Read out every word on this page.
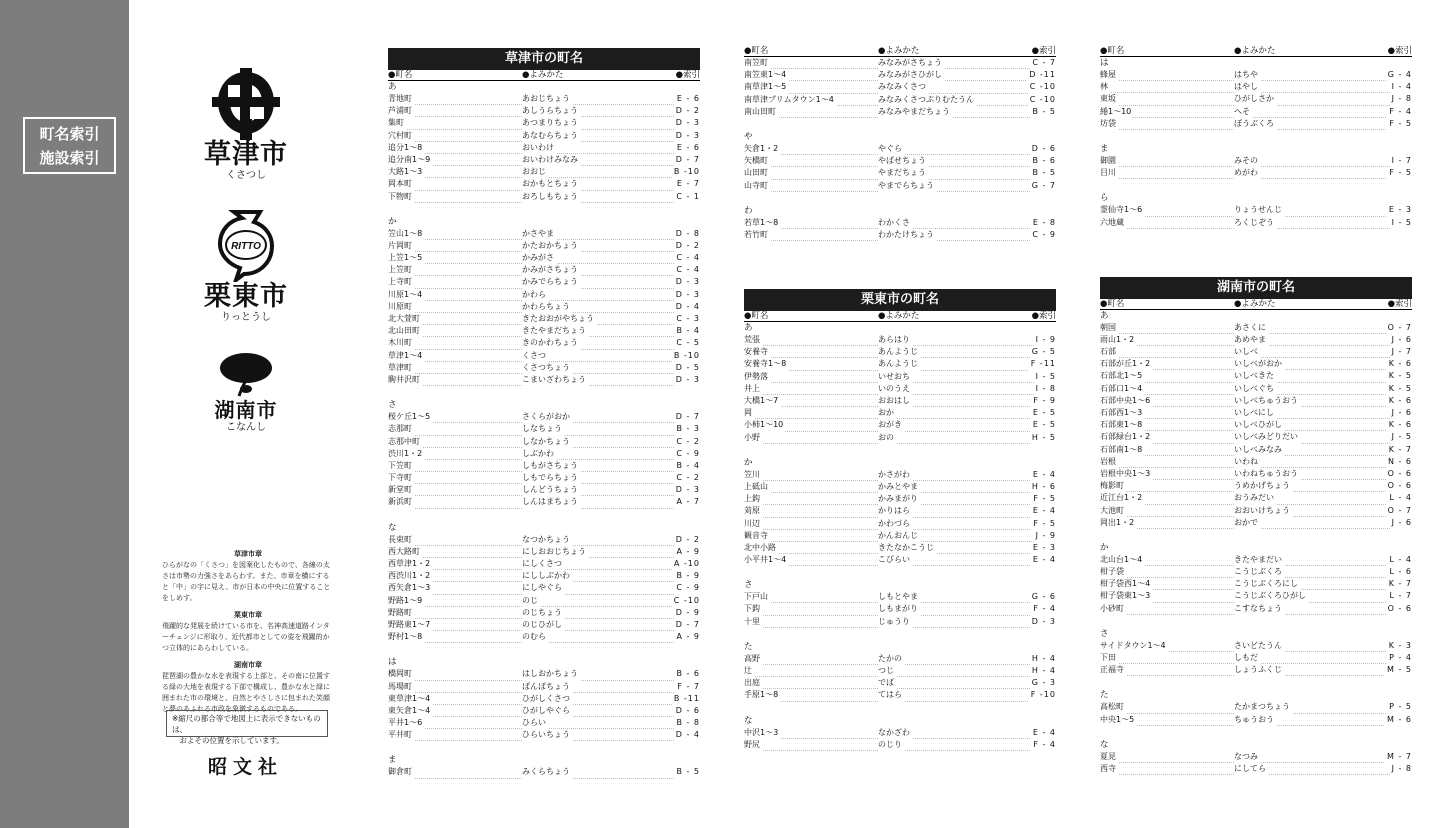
町名索引
施設索引	草津市
くさつし
RITTO
栗東市
りっとうし
湖南市
こなんし
草津市章
ひらがなの「くさつ」を図案化したもので、各線の太さは市勢の力強さをあらわす。また、市章を横にすると「中」の字に見え、市が日本の中央に位置することをしめす。
栗東市章
飛躍的な発展を続けている市を、名神高速道路インターチェンジに形取り、近代都市としての姿を飛躍的かつ立体的にあらわしている。
湖南市章
琵琶湖の豊かな水を表現する上部と、その南に位置する緑の大地を表現する下部で構成し、豊かな水と緑に囲まれた市の環境と、自然とやさしさに包まれた笑顔と夢のあふれる市政を象徴するものである。
※縮尺の都合等で地図上に表示できないものは、
　およその位置を示しています。
昭文社
草津市の町名
●町名	●よみかた	●索引
あ
青地町	あおじちょう	E - 6
芦浦町	あしうらちょう	D - 2
集町	あつまりちょう	D - 3
穴村町	あなむらちょう	D - 3
追分1〜8	おいわけ	E - 6
追分南1〜9	おいわけみなみ	D - 7
大路1〜3	おおじ	B -10
岡本町	おかもとちょう	E - 7
下物町	おろしもちょう	C - 1
か
笠山1〜8	かさやま	D - 8
片岡町	かたおかちょう	D - 2
上笠1〜5	かみがさ	C - 4
上笠町	かみがさちょう	C - 4
上寺町	かみでらちょう	D - 3
川原1〜4	かわら	D - 3
川原町	かわらちょう	D - 4
北大萱町	きたおおがやちょう	C - 3
北山田町	きたやまだちょう	B - 4
木川町	きのかわちょう	C - 5
草津1〜4	くさつ	B -10
草津町	くさつちょう	D - 5
駒井沢町	こまいざわちょう	D - 3
さ
桜ケ丘1〜5	さくらがおか	D - 7
志那町	しなちょう	B - 3
志那中町	しなかちょう	C - 2
渋川1・2	しぶかわ	C - 9
下笠町	しもがさちょう	B - 4
下寺町	しもでらちょう	C - 2
新堂町	しんどうちょう	D - 3
新浜町	しんはまちょう	A - 7
な
長束町	なつかちょう	D - 2
西大路町	にしおおじちょう	A - 9
西草津1・2	にしくさつ	A -10
西渋川1・2	にししぶかわ	B - 9
西矢倉1〜3	にしやぐら	C - 9
野路1〜9	のじ	C -10
野路町	のじちょう	D - 9
野路東1〜7	のじひがし	D - 7
野村1〜8	のむら	A - 9
は
橋岡町	はしおかちょう	B - 6
馬場町	ばんばちょう	F - 7
東草津1〜4	ひがしくさつ	B -11
東矢倉1〜4	ひがしやぐら	D - 6
平井1〜6	ひらい	B - 8
平井町	ひらいちょう	D - 4
ま
御倉町	みくらちょう	B - 5
●町名	●よみかた	●索引
南笠町	みなみがさちょう	C - 7
南笠東1〜4	みなみがさひがし	D -11
南草津1〜5	みなみくさつ	C -10
南草津プリムタウン1〜4	みなみくさつぷりむたうん	C -10
南山田町	みなみやまだちょう	B - 5
や
矢倉1・2	やぐら	D - 6
矢橋町	やばせちょう	B - 6
山田町	やまだちょう	B - 5
山寺町	やまでらちょう	G - 7
わ
若草1〜8	わかくさ	E - 8
若竹町	わかたけちょう	C - 9
栗東市の町名
●町名	●よみかた	●索引
あ
荒張	あらはり	I - 9
安養寺	あんようじ	G - 5
安養寺1〜8	あんようじ	F -11
伊勢落	いせおち	I - 5
井上	いのうえ	I - 8
大橋1〜7	おおはし	F - 9
岡	おか	E - 5
小柿1〜10	おがき	E - 5
小野	おの	H - 5
か
笠川	かさがわ	E - 4
上砥山	かみとやま	H - 6
上鈎	かみまがり	F - 5
苅原	かりはら	E - 4
川辺	かわづら	F - 5
観音寺	かんおんじ	J - 9
北中小路	きたなかこうじ	E - 3
小平井1〜4	こびらい	E - 4
さ
下戸山	しもとやま	G - 6
下鈎	しもまがり	F - 4
十里	じゅうり	D - 3
た
高野	たかの	H - 4
辻	つじ	H - 4
出庭	でば	G - 3
手原1〜8	てはら	F -10
な
中沢1〜3	なかざわ	E - 4
野尻	のじり	F - 4
●町名	●よみかた	●索引
は
蜂屋	はちや	G - 4
林	はやし	I - 4
東坂	ひがしさか	J - 8
綣1〜10	へそ	F - 4
坊袋	ぼうぶくろ	F - 5
ま
御園	みその	I - 7
目川	めがわ	F - 5
ら
霊仙寺1〜6	りょうせんじ	E - 3
六地蔵	ろくじぞう	I - 5
湖南市の町名
●町名	●よみかた	●索引
あ
朝国	あさくに	O - 7
雨山1・2	あめやま	J - 6
石部	いしべ	J - 7
石部が丘1・2	いしべがおか	K - 6
石部北1〜5	いしべきた	K - 5
石部口1〜4	いしべぐち	K - 5
石部中央1〜6	いしべちゅうおう	K - 6
石部西1〜3	いしべにし	J - 6
石部東1〜8	いしべひがし	K - 6
石部緑台1・2	いしべみどりだい	J - 5
石部南1〜8	いしべみなみ	K - 7
岩根	いわね	N - 6
岩根中央1〜3	いわねちゅうおう	O - 6
梅影町	うめかげちょう	O - 6
近江台1・2	おうみだい	L - 4
大池町	おおいけちょう	O - 7
岡出1・2	おかで	J - 6
か
北山台1〜4	きたやまだい	L - 4
柑子袋	こうじぶくろ	L - 6
柑子袋西1〜4	こうじぶくろにし	K - 7
柑子袋東1〜3	こうじぶくろひがし	L - 7
小砂町	こすなちょう	O - 6
さ
サイドタウン1〜4	さいどたうん	K - 3
下田	しもだ	P - 4
正福寺	しょうふくじ	M - 5
た
高松町	たかまつちょう	P - 5
中央1〜5	ちゅうおう	M - 6
な
夏見	なつみ	M - 7
西寺	にしてら	J - 8
